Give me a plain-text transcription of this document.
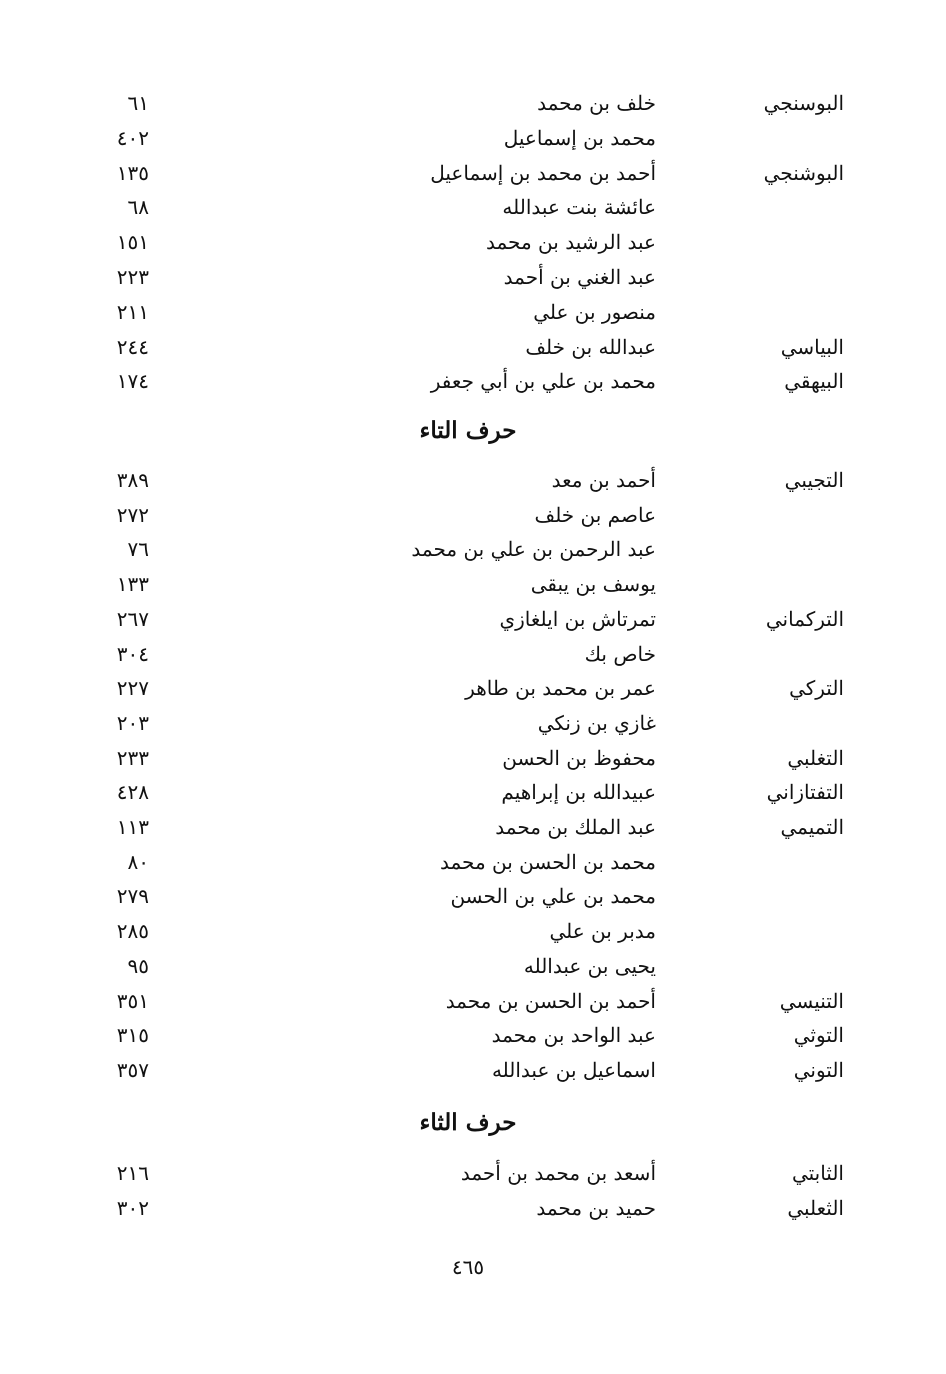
البوسنجي
خلف بن محمد
٦١
محمد بن إسماعيل
٤٠٢
البوشنجي
أحمد بن محمد بن إسماعيل
١٣٥
عائشة بنت عبدالله
٦٨
عبد الرشيد بن محمد
١٥١
عبد الغني بن أحمد
٢٢٣
منصور بن علي
٢١١
البياسي
عبدالله بن خلف
٢٤٤
البيهقي
محمد بن علي بن أبي جعفر
١٧٤
حرف التاء
التجيبي
أحمد بن معد
٣٨٩
عاصم بن خلف
٢٧٢
عبد الرحمن بن علي بن محمد
٧٦
يوسف بن يبقى
١٣٣
التركماني
تمرتاش بن ايلغازي
٢٦٧
خاص بك
٣٠٤
التركي
عمر بن محمد بن طاهر
٢٢٧
غازي بن زنكي
٢٠٣
التغلبي
محفوظ بن الحسن
٢٣٣
التفتازاني
عبيدالله بن إبراهيم
٤٢٨
التميمي
عبد الملك بن محمد
١١٣
محمد بن الحسن بن محمد
٨٠
محمد بن علي بن الحسن
٢٧٩
مدبر بن علي
٢٨٥
يحيى بن عبدالله
٩٥
التنيسي
أحمد بن الحسن بن محمد
٣٥١
التوثي
عبد الواحد بن محمد
٣١٥
التوني
اسماعيل بن عبدالله
٣٥٧
حرف الثاء
الثابتي
أسعد بن محمد بن أحمد
٢١٦
الثعلبي
حميد بن محمد
٣٠٢
٤٦٥
